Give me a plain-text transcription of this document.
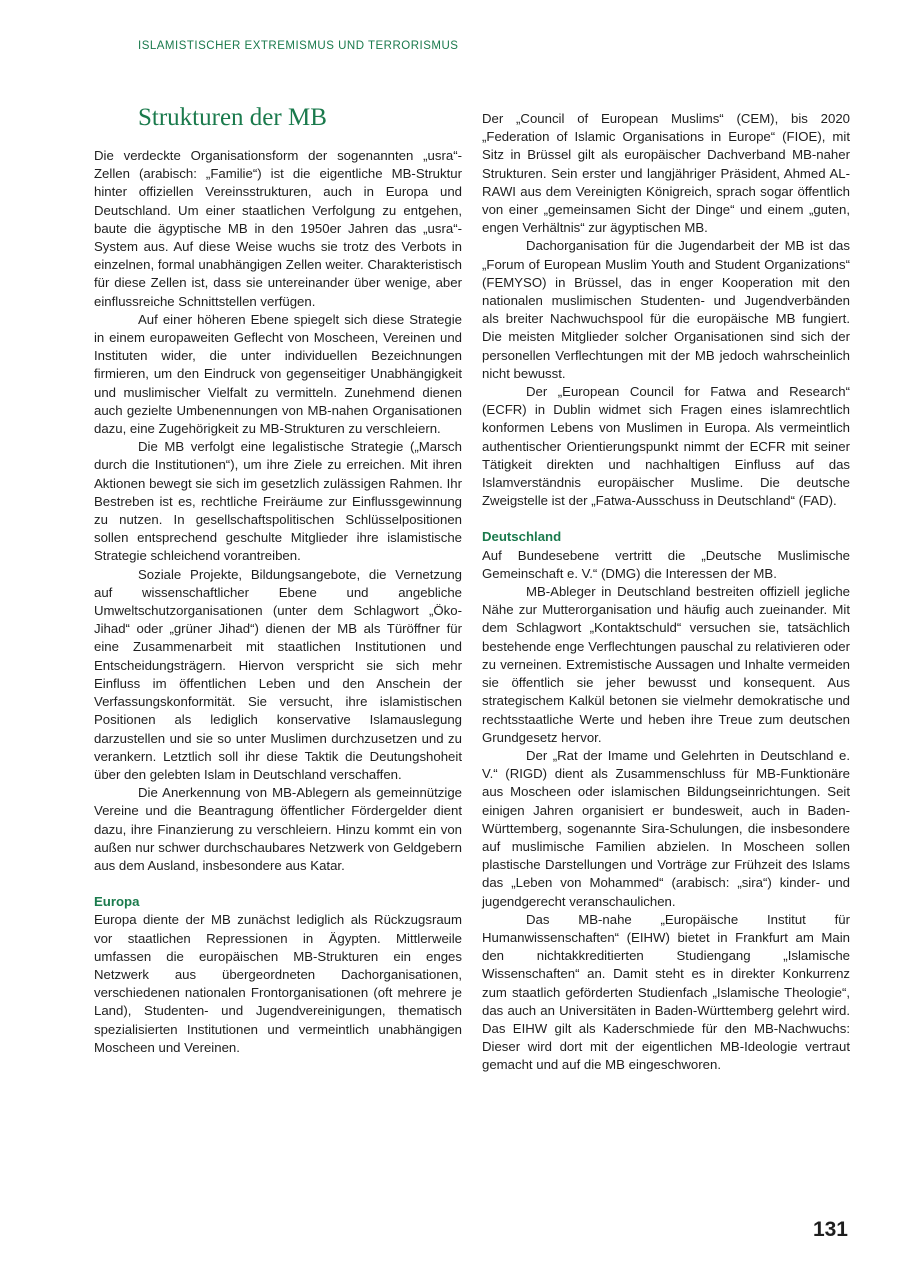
ISLAMISTISCHER EXTREMISMUS UND TERRORISMUS
Strukturen der MB

Die verdeckte Organisationsform der sogenannten „usra“-Zellen (arabisch: „Familie“) ist die eigentliche MB-Struktur hinter offiziellen Vereinsstrukturen, auch in Europa und Deutschland. Um einer staatlichen Verfolgung zu entgehen, baute die ägyptische MB in den 1950er Jahren das „usra“-System aus. Auf diese Weise wuchs sie trotz des Verbots in einzelnen, formal unabhängigen Zellen weiter. Charakteristisch für diese Zellen ist, dass sie untereinander über wenige, aber einflussreiche Schnittstellen verfügen.

Auf einer höheren Ebene spiegelt sich diese Strategie in einem europaweiten Geflecht von Moscheen, Vereinen und Instituten wider, die unter individuellen Bezeichnungen firmieren, um den Eindruck von gegenseitiger Unabhängigkeit und muslimischer Vielfalt zu vermitteln. Zunehmend dienen auch gezielte Umbenennungen von MB-nahen Organisationen dazu, eine Zugehörigkeit zu MB-Strukturen zu verschleiern.

Die MB verfolgt eine legalistische Strategie („Marsch durch die Institutionen“), um ihre Ziele zu erreichen. Mit ihren Aktionen bewegt sie sich im gesetzlich zulässigen Rahmen. Ihr Bestreben ist es, rechtliche Freiräume zur Einflussgewinnung zu nutzen. In gesellschaftspolitischen Schlüsselpositionen sollen entsprechend geschulte Mitglieder ihre islamistische Strategie schleichend vorantreiben.

Soziale Projekte, Bildungsangebote, die Vernetzung auf wissenschaftlicher Ebene und angebliche Umweltschutzorganisationen (unter dem Schlagwort „Öko-Jihad“ oder „grüner Jihad“) dienen der MB als Türöffner für eine Zusammenarbeit mit staatlichen Institutionen und Entscheidungsträgern. Hiervon verspricht sie sich mehr Einfluss im öffentlichen Leben und den Anschein der Verfassungskonformität. Sie versucht, ihre islamistischen Positionen als lediglich konservative Islamauslegung darzustellen und sie so unter Muslimen durchzusetzen und zu verankern. Letztlich soll ihr diese Taktik die Deutungshoheit über den gelebten Islam in Deutschland verschaffen.

Die Anerkennung von MB-Ablegern als gemeinnützige Vereine und die Beantragung öffentlicher Fördergelder dient dazu, ihre Finanzierung zu verschleiern. Hinzu kommt ein von außen nur schwer durchschaubares Netzwerk von Geldgebern aus dem Ausland, insbesondere aus Katar.

Europa

Europa diente der MB zunächst lediglich als Rückzugsraum vor staatlichen Repressionen in Ägypten. Mittlerweile umfassen die europäischen MB-Strukturen ein enges Netzwerk aus übergeordneten Dachorganisationen, verschiedenen nationalen Frontorganisationen (oft mehrere je Land), Studenten- und Jugendvereinigungen, thematisch spezialisierten Institutionen und vermeintlich unabhängigen Moscheen und Vereinen.

Der „Council of European Muslims“ (CEM), bis 2020 „Federation of Islamic Organisations in Europe“ (FIOE), mit Sitz in Brüssel gilt als europäischer Dachverband MB-naher Strukturen. Sein erster und langjähriger Präsident, Ahmed AL-RAWI aus dem Vereinigten Königreich, sprach sogar öffentlich von einer „gemeinsamen Sicht der Dinge“ und einem „guten, engen Verhältnis“ zur ägyptischen MB.

Dachorganisation für die Jugendarbeit der MB ist das „Forum of European Muslim Youth and Student Organizations“ (FEMYSO) in Brüssel, das in enger Kooperation mit den nationalen muslimischen Studenten- und Jugendverbänden als breiter Nachwuchspool für die europäische MB fungiert. Die meisten Mitglieder solcher Organisationen sind sich der personellen Verflechtungen mit der MB jedoch wahrscheinlich nicht bewusst.

Der „European Council for Fatwa and Research“ (ECFR) in Dublin widmet sich Fragen eines islamrechtlich konformen Lebens von Muslimen in Europa. Als vermeintlich authentischer Orientierungspunkt nimmt der ECFR mit seiner Tätigkeit direkten und nachhaltigen Einfluss auf das Islamverständnis europäischer Muslime. Die deutsche Zweigstelle ist der „Fatwa-Ausschuss in Deutschland“ (FAD).

Deutschland

Auf Bundesebene vertritt die „Deutsche Muslimische Gemeinschaft e. V.“ (DMG) die Interessen der MB.

MB-Ableger in Deutschland bestreiten offiziell jegliche Nähe zur Mutterorganisation und häufig auch zueinander. Mit dem Schlagwort „Kontaktschuld“ versuchen sie, tatsächlich bestehende enge Verflechtungen pauschal zu relativieren oder zu verneinen. Extremistische Aussagen und Inhalte vermeiden sie öffentlich sie jeher bewusst und konsequent. Aus strategischem Kalkül betonen sie vielmehr demokratische und rechtsstaatliche Werte und heben ihre Treue zum deutschen Grundgesetz hervor.

Der „Rat der Imame und Gelehrten in Deutschland e. V.“ (RIGD) dient als Zusammenschluss für MB-Funktionäre aus Moscheen oder islamischen Bildungseinrichtungen. Seit einigen Jahren organisiert er bundesweit, auch in Baden-Württemberg, sogenannte Sira-Schulungen, die insbesondere auf muslimische Familien abzielen. In Moscheen sollen plastische Darstellungen und Vorträge zur Frühzeit des Islams das „Leben von Mohammed“ (arabisch: „sira“) kinder- und jugendgerecht veranschaulichen.

Das MB-nahe „Europäische Institut für Humanwissenschaften“ (EIHW) bietet in Frankfurt am Main den nichtakkreditierten Studiengang „Islamische Wissenschaften“ an. Damit steht es in direkter Konkurrenz zum staatlich geförderten Studienfach „Islamische Theologie“, das auch an Universitäten in Baden-Württemberg gelehrt wird. Das EIHW gilt als Kaderschmiede für den MB-Nachwuchs: Dieser wird dort mit der eigentlichen MB-Ideologie vertraut gemacht und auf die MB eingeschworen.

131
